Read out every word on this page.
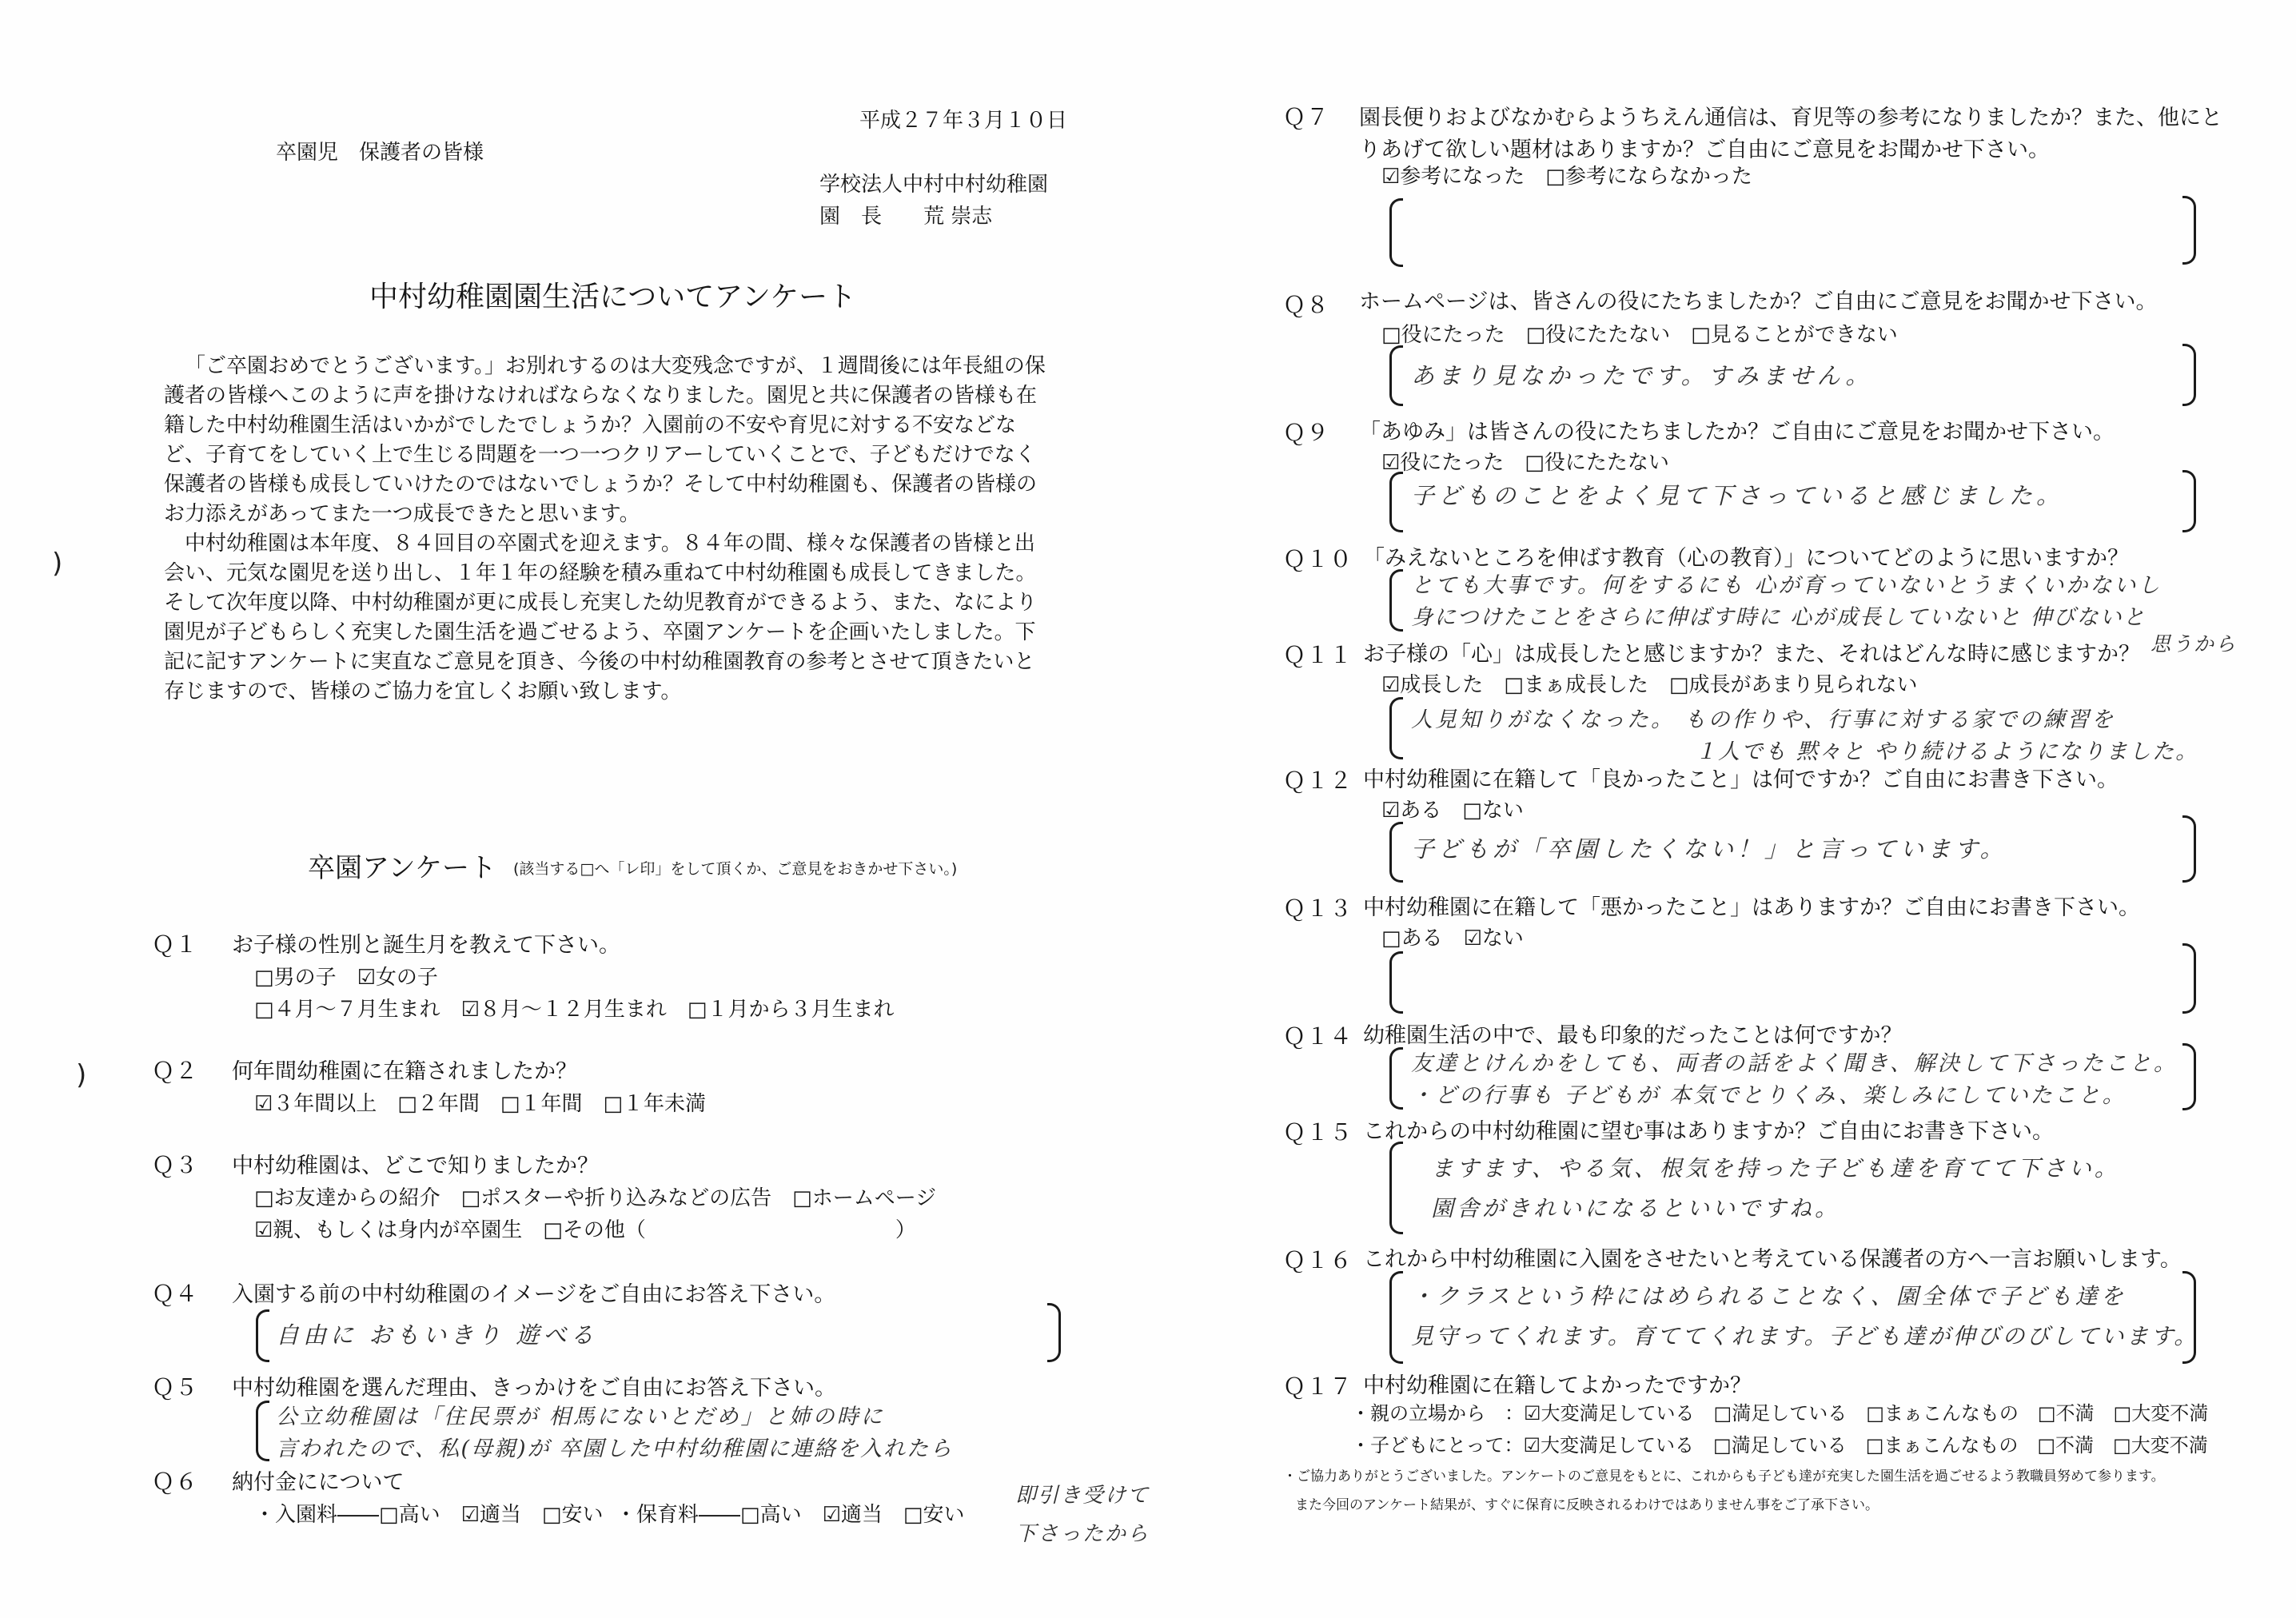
平成２７年３月１０日
卒園児　保護者の皆様
学校法人中村中村幼稚園
園　長　　荒 崇志
中村幼稚園園生活についてアンケート

「ご卒園おめでとうございます。」お別れするのは大変残念ですが、１週間後には年長組の保護者の皆様へこのように声を掛けなければならなくなりました。園児と共に保護者の皆様も在籍した中村幼稚園生活はいかがでしたでしょうか？入園前の不安や育児に対する不安などなど、子育てをしていく上で生じる問題を一つ一つクリアーしていくことで、子どもだけでなく保護者の皆様も成長していけたのではないでしょうか？そして中村幼稚園も、保護者の皆様のお力添えがあってまた一つ成長できたと思います。

中村幼稚園は本年度、８４回目の卒園式を迎えます。８４年の間、様々な保護者の皆様と出会い、元気な園児を送り出し、１年１年の経験を積み重ねて中村幼稚園も成長してきました。そして次年度以降、中村幼稚園が更に成長し充実した幼児教育ができるよう、また、なにより園児が子どもらしく充実した園生活を過ごせるよう、卒園アンケートを企画いたしました。下記に記すアンケートに実直なご意見を頂き、今後の中村幼稚園教育の参考とさせて頂きたいと存じますので、皆様のご協力を宜しくお願い致します。

卒園アンケート (該当する□へ「レ印」をして頂くか、ご意見をおきかせ下さい。)
Ｑ１ お子様の性別と誕生月を教えて下さい。
□男の子　☑女の子
□４月～７月生まれ　☑８月～１２月生まれ　□１月から３月生まれ
Ｑ２ 何年間幼稚園に在籍されましたか？
☑３年間以上　□２年間　□１年間　□１年未満
Ｑ３ 中村幼稚園は、どこで知りましたか？
□お友達からの紹介　□ポスターや折り込みなどの広告　□ホームページ
☑親、もしくは身内が卒園生　□その他（　　　　　　　　　　　　）
Ｑ４ 入園する前の中村幼稚園のイメージをご自由にお答え下さい。
自由に おもいきり 遊べる
Ｑ５ 中村幼稚園を選んだ理由、きっかけをご自由にお答え下さい。
公立幼稚園は「住民票が 相馬にないとだめ」と姉の時に
言われたので、私(母親)が 卒園した中村幼稚園に連絡を入れたら
即引き受けて
下さったから
Ｑ６ 納付金にについて
・入園料――□高い　☑適当　□安い ・保育料――□高い　☑適当　□安い
)
)
Ｑ７ 園長便りおよびなかむらようちえん通信は、育児等の参考になりましたか？また、他にと
りあげて欲しい題材はありますか？ご自由にご意見をお聞かせ下さい。
☑参考になった　□参考にならなかった
Ｑ８ ホームページは、皆さんの役にたちましたか？ご自由にご意見をお聞かせ下さい。
□役にたった　□役にたたない　□見ることができない
あまり見なかったです。すみません。
Ｑ９ 「あゆみ」は皆さんの役にたちましたか？ご自由にご意見をお聞かせ下さい。
☑役にたった　□役にたたない
子どものことをよく見て下さっていると感じました。
Ｑ１０ 「みえないところを伸ばす教育（心の教育）」についてどのように思いますか？
とても大事です。何をするにも 心が育っていないとうまくいかないし
身につけたことをさらに伸ばす時に 心が成長していないと 伸びないと
Ｑ１１ お子様の「心」は成長したと感じますか？また、それはどんな時に感じますか？ 思うから
☑成長した　□まぁ成長した　□成長があまり見られない
人見知りがなくなった。 もの作りや、行事に対する家での練習を
１人でも 黙々と やり続けるようになりました。
Ｑ１２ 中村幼稚園に在籍して「良かったこと」は何ですか？ご自由にお書き下さい。
☑ある　□ない
子どもが「卒園したくない！」と言っています。
Ｑ１３ 中村幼稚園に在籍して「悪かったこと」はありますか？ご自由にお書き下さい。
□ある　☑ない
Ｑ１４ 幼稚園生活の中で、最も印象的だったことは何ですか？
友達とけんかをしても、両者の話をよく聞き、解決して下さったこと。
・どの行事も 子どもが 本気でとりくみ、楽しみにしていたこと。
Ｑ１５ これからの中村幼稚園に望む事はありますか？ご自由にお書き下さい。
ますます、やる気、根気を持った子ども達を育てて下さい。
園舎がきれいになるといいですね。
Ｑ１６ これから中村幼稚園に入園をさせたいと考えている保護者の方へ一言お願いします。
・クラスという枠にはめられることなく、園全体で子ども達を
見守ってくれます。育ててくれます。子ども達が伸びのびしています。
Ｑ１７ 中村幼稚園に在籍してよかったですか？
・親の立場から　：☑大変満足している　□満足している　□まぁこんなもの　□不満　□大変不満
・子どもにとって：☑大変満足している　□満足している　□まぁこんなもの　□不満　□大変不満
・ご協力ありがとうございました。アンケートのご意見をもとに、これからも子ども達が充実した園生活を過ごせるよう教職員努めて参ります。
また今回のアンケート結果が、すぐに保育に反映されるわけではありません事をご了承下さい。
